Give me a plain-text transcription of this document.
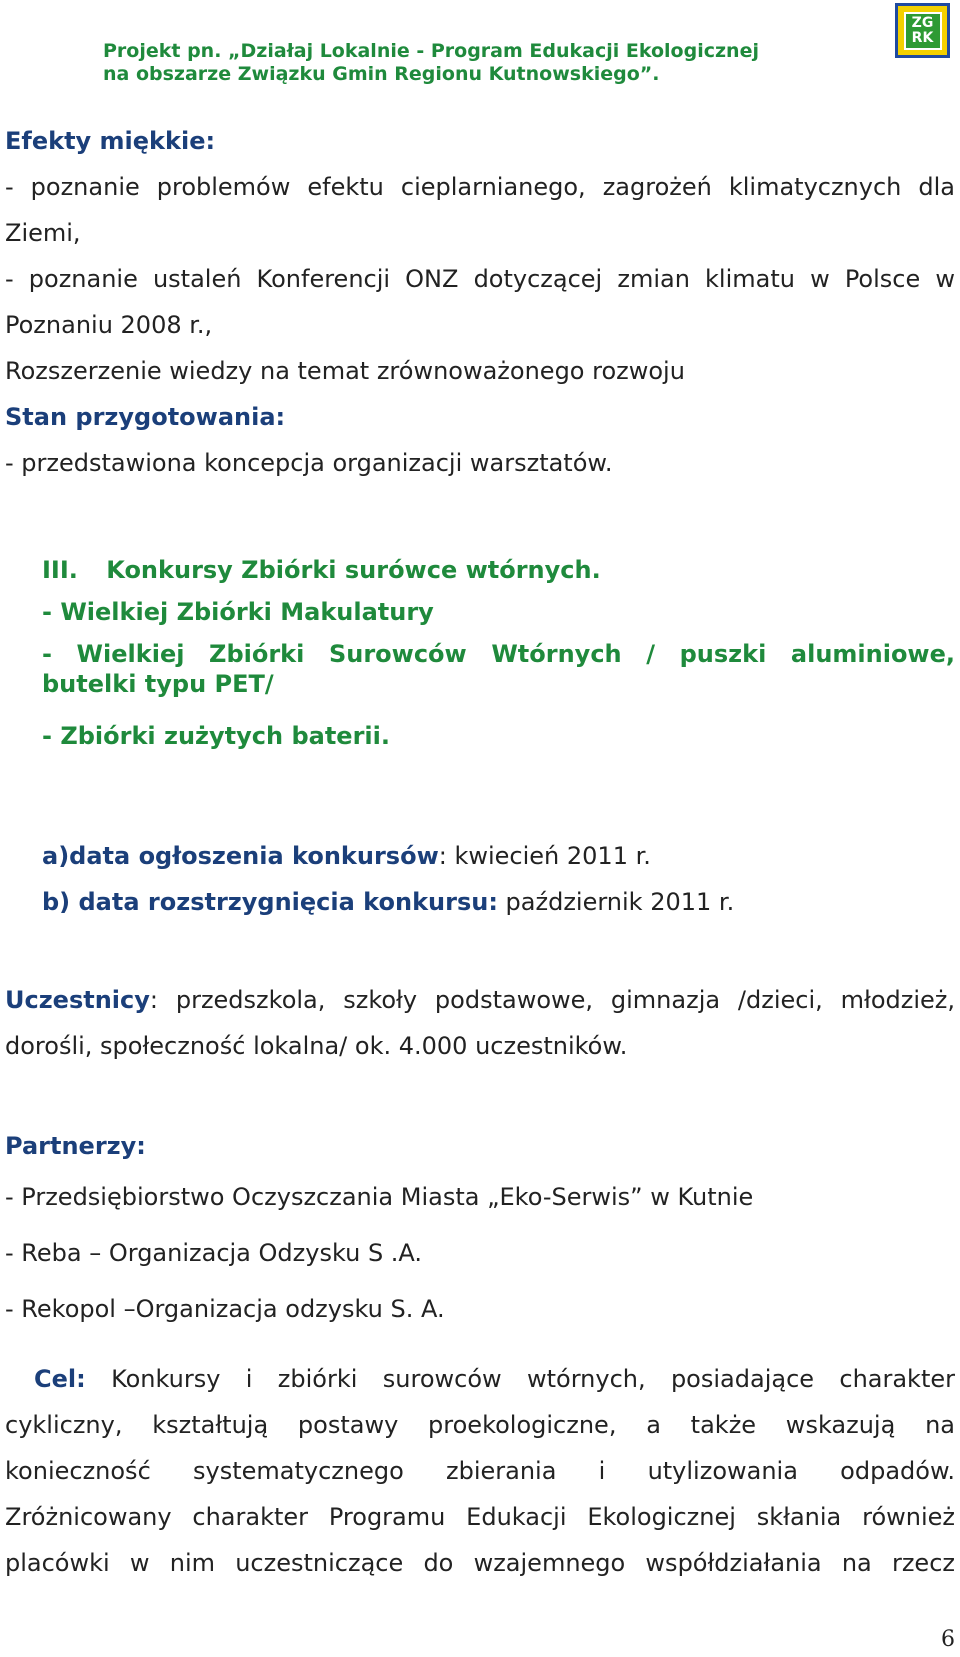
Projekt pn. „Działaj Lokalnie - Program Edukacji Ekologicznej
na obszarze Związku Gmin Regionu Kutnowskiego”.
ZG
RK
Efekty miękkie:
- poznanie problemów efektu cieplarnianego, zagrożeń klimatycznych dla
Ziemi,
- poznanie ustaleń Konferencji ONZ dotyczącej zmian klimatu w Polsce w
Poznaniu 2008 r.,
Rozszerzenie wiedzy na temat zrównoważonego rozwoju
Stan przygotowania:
- przedstawiona koncepcja organizacji warsztatów.
III. Konkursy Zbiórki surówce wtórnych.
- Wielkiej Zbiórki Makulatury
- Wielkiej Zbiórki Surowców Wtórnych / puszki aluminiowe,
butelki typu PET/
- Zbiórki zużytych baterii.
a)data ogłoszenia konkursów: kwiecień 2011 r.
b) data rozstrzygnięcia konkursu: październik 2011 r.
Uczestnicy: przedszkola, szkoły podstawowe, gimnazja /dzieci, młodzież,
dorośli, społeczność lokalna/ ok. 4.000 uczestników.
Partnerzy:
- Przedsiębiorstwo Oczyszczania Miasta „Eko-Serwis” w Kutnie
- Reba – Organizacja Odzysku S .A.
- Rekopol –Organizacja odzysku S. A.
Cel: Konkursy i zbiórki surowców wtórnych, posiadające charakter
cykliczny, kształtują postawy proekologiczne, a także wskazują na
konieczność systematycznego zbierania i utylizowania odpadów.
Zróżnicowany charakter Programu Edukacji Ekologicznej skłania również
placówki w nim uczestniczące do wzajemnego współdziałania na rzecz
6
